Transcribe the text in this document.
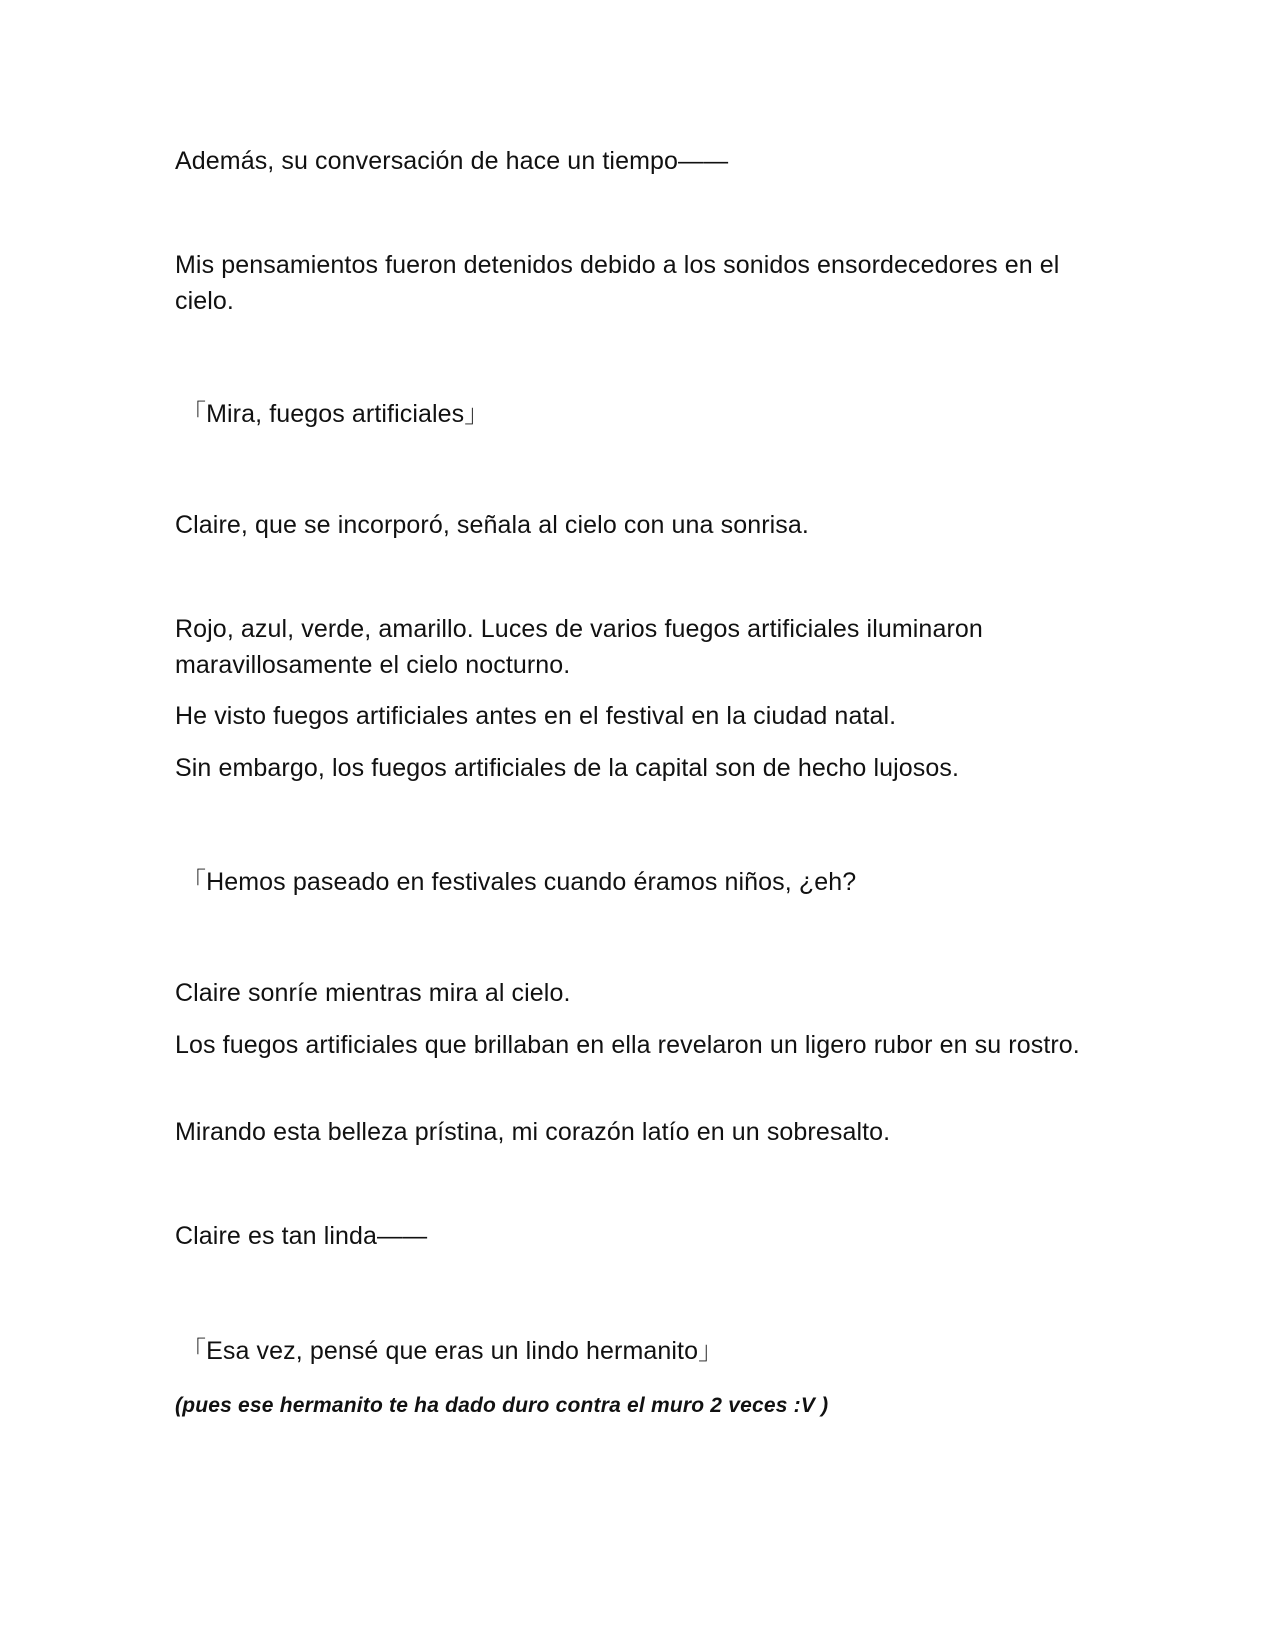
Además, su conversación de hace un tiempo——

Mis pensamientos fueron detenidos debido a los sonidos ensordecedores en el cielo.

「Mira, fuegos artificiales」

Claire, que se incorporó, señala al cielo con una sonrisa.

Rojo, azul, verde, amarillo. Luces de varios fuegos artificiales iluminaron maravillosamente el cielo nocturno.

He visto fuegos artificiales antes en el festival en la ciudad natal.

Sin embargo, los fuegos artificiales de la capital son de hecho lujosos.

「Hemos paseado en festivales cuando éramos niños, ¿eh?

Claire sonríe mientras mira al cielo.

Los fuegos artificiales que brillaban en ella revelaron un ligero rubor en su rostro.

Mirando esta belleza prístina, mi corazón latío en un sobresalto.

Claire es tan linda——

「Esa vez, pensé que eras un lindo hermanito」

(pues ese hermanito te ha dado duro contra el muro 2 veces :V )
